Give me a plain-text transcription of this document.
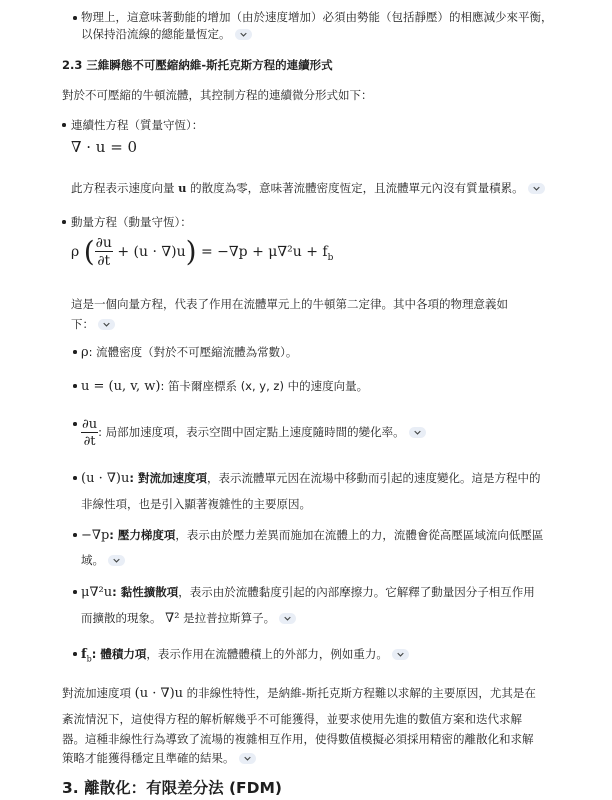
物理上，這意味著動能的增加（由於速度增加）必須由勢能（包括靜壓）的相應減少來平衡，
以保持沿流線的總能量恆定。
2.3 三維瞬態不可壓縮納維-斯托克斯方程的連續形式
對於不可壓縮的牛頓流體，其控制方程的連續微分形式如下：
連續性方程（質量守恆）：
∇ · u = 0
此方程表示速度向量 u 的散度為零，意味著流體密度恆定，且流體單元內沒有質量積累。
動量方程（動量守恆）：
ρ ( $\frac{\partial u}{\partial t} + (u \cdot \nabla)u) = -\nabla p + \mu\nabla^2u + f_b$
這是一個向量方程，代表了作用在流體單元上的牛頓第二定律。其中各項的物理意義如
下：
ρ: 流體密度（對於不可壓縮流體為常數）。
u = (u, v, w): 笛卡爾座標系 (x, y, z) 中的速度向量。
$\frac{\partial u}{\partial t}$ : 局部加速度項，表示空間中固定點上速度隨時間的變化率。
(u · ∇)u: 對流加速度項，表示流體單元因在流場中移動而引起的速度變化。這是方程中的
非線性項，也是引入顯著複雜性的主要原因。
−∇p: 壓力梯度項，表示由於壓力差異而施加在流體上的力，流體會從高壓區域流向低壓區
域。
μ∇²u: 黏性擴散項，表示由於流體黏度引起的內部摩擦力。它解釋了動量因分子相互作用
而擴散的現象。 ∇² 是拉普拉斯算子。
$f_b$: 體積力項，表示作用在流體體積上的外部力，例如重力。
對流加速度項 (u · ∇)u 的非線性特性，是納維-斯托克斯方程難以求解的主要原因，尤其是在
紊流情況下，這使得方程的解析解幾乎不可能獲得，並要求使用先進的數值方案和迭代求解
器。這種非線性行為導致了流場的複雜相互作用，使得數值模擬必須採用精密的離散化和求解
策略才能獲得穩定且準確的結果。
3. 離散化：有限差分法 (FDM)
